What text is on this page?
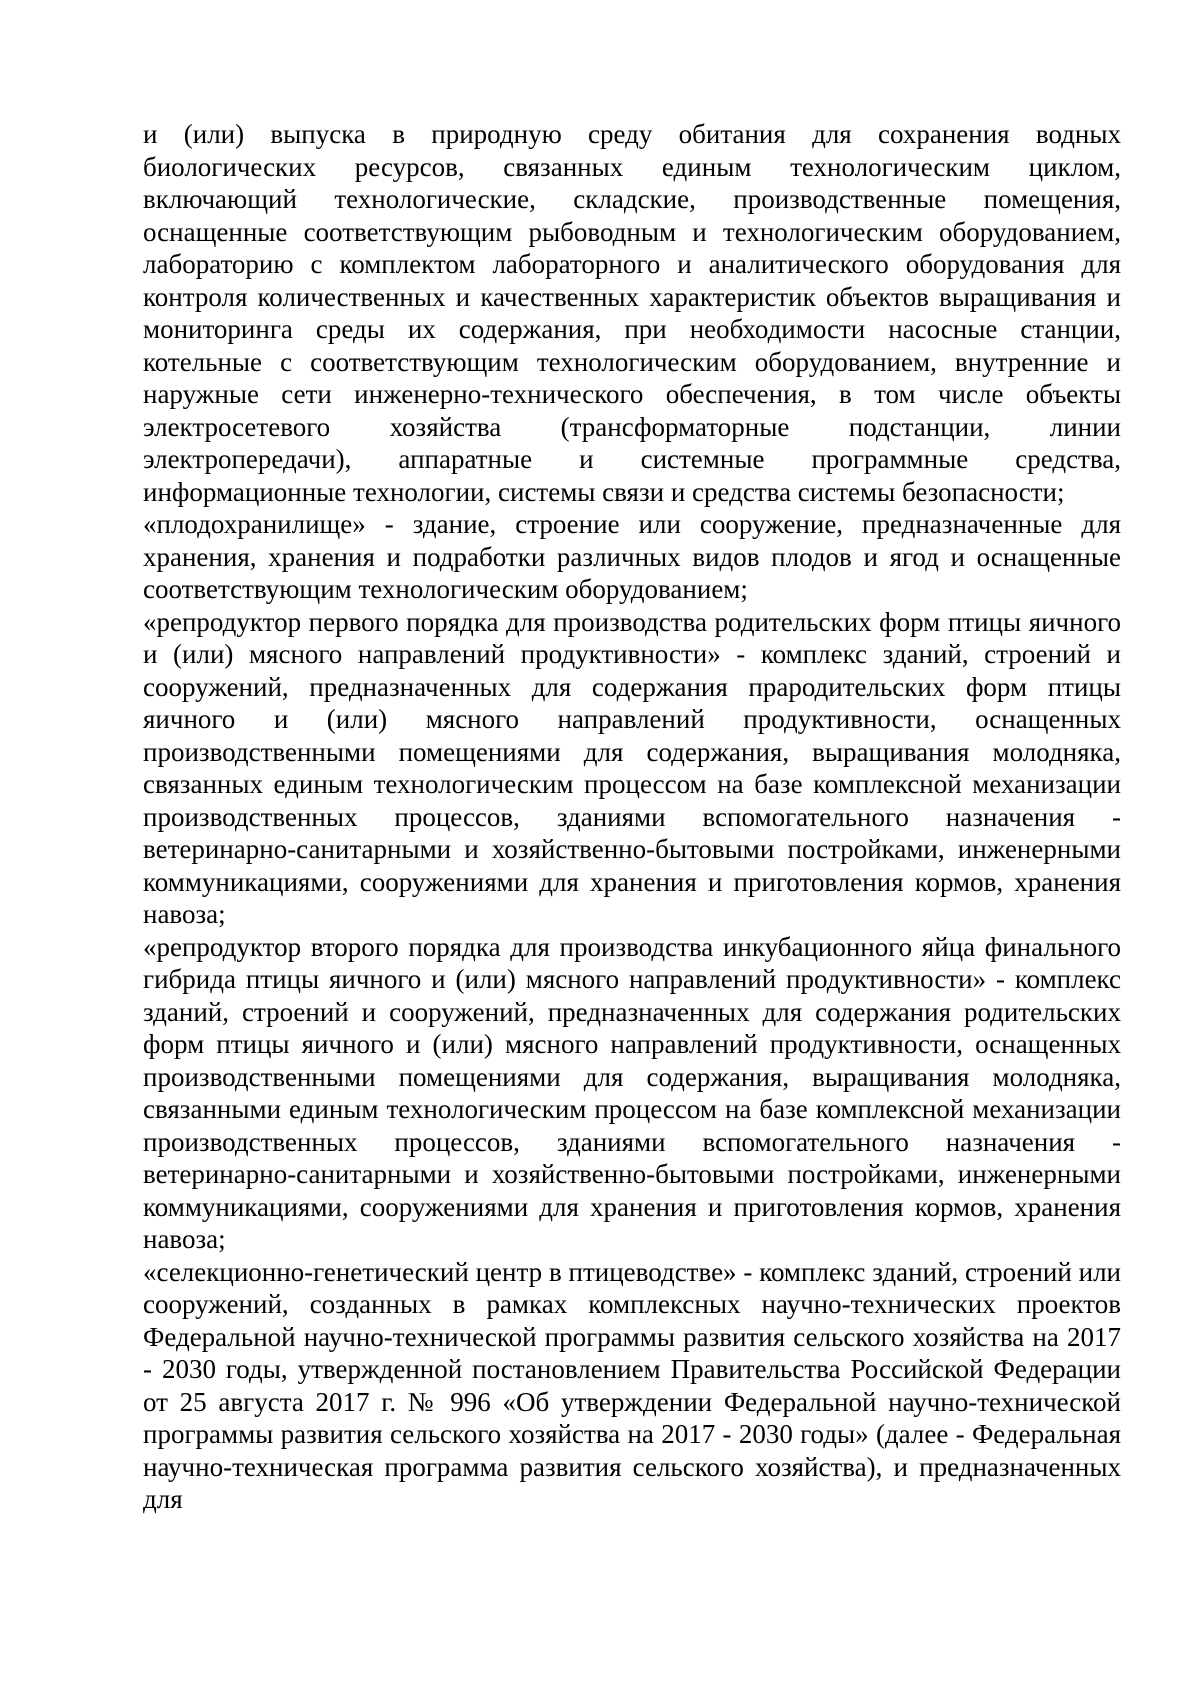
и (или) выпуска в природную среду обитания для сохранения водных биологических ресурсов, связанных единым технологическим циклом, включающий технологические, складские, производственные помещения, оснащенные соответствующим рыбоводным и технологическим оборудованием, лабораторию с комплектом лабораторного и аналитического оборудования для контроля количественных и качественных характеристик объектов выращивания и мониторинга среды их содержания, при необходимости насосные станции, котельные с соответствующим технологическим оборудованием, внутренние и наружные сети инженерно-технического обеспечения, в том числе объекты электросетевого хозяйства (трансформаторные подстанции, линии электропередачи), аппаратные и системные программные средства, информационные технологии, системы связи и средства системы безопасности;

«плодохранилище» - здание, строение или сооружение, предназначенные для хранения, хранения и подработки различных видов плодов и ягод и оснащенные соответствующим технологическим оборудованием;

«репродуктор первого порядка для производства родительских форм птицы яичного и (или) мясного направлений продуктивности» - комплекс зданий, строений и сооружений, предназначенных для содержания прародительских форм птицы яичного и (или) мясного направлений продуктивности, оснащенных производственными помещениями для содержания, выращивания молодняка, связанных единым технологическим процессом на базе комплексной механизации производственных процессов, зданиями вспомогательного назначения - ветеринарно-санитарными и хозяйственно-бытовыми постройками, инженерными коммуникациями, сооружениями для хранения и приготовления кормов, хранения навоза;

«репродуктор второго порядка для производства инкубационного яйца финального гибрида птицы яичного и (или) мясного направлений продуктивности» - комплекс зданий, строений и сооружений, предназначенных для содержания родительских форм птицы яичного и (или) мясного направлений продуктивности, оснащенных производственными помещениями для содержания, выращивания молодняка, связанными единым технологическим процессом на базе комплексной механизации производственных процессов, зданиями вспомогательного назначения - ветеринарно-санитарными и хозяйственно-бытовыми постройками, инженерными коммуникациями, сооружениями для хранения и приготовления кормов, хранения навоза;

«селекционно-генетический центр в птицеводстве» - комплекс зданий, строений или сооружений, созданных в рамках комплексных научно-технических проектов Федеральной научно-технической программы развития сельского хозяйства на 2017 - 2030 годы, утвержденной постановлением Правительства Российской Федерации от 25 августа 2017 г. № 996 «Об утверждении Федеральной научно-технической программы развития сельского хозяйства на 2017 - 2030 годы» (далее - Федеральная научно-техническая программа развития сельского хозяйства), и предназначенных для
